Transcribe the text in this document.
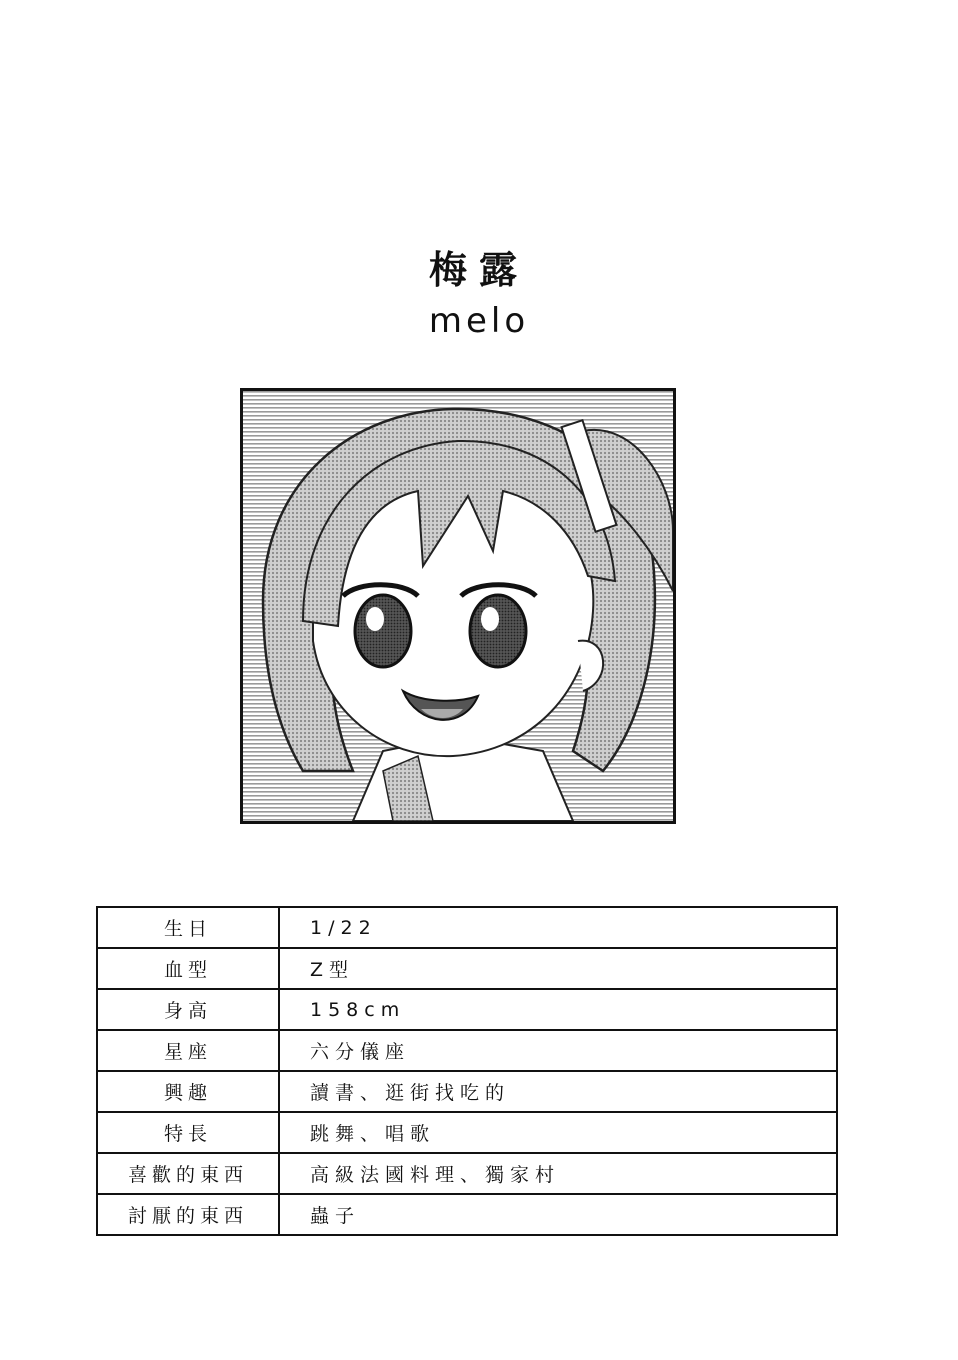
梅露
melo
生日	1/22
血型	Z型
身高	158cm
星座	六分儀座
興趣	讀書、逛街找吃的
特長	跳舞、唱歌
喜歡的東西	高級法國料理、獨家村
討厭的東西	蟲子
